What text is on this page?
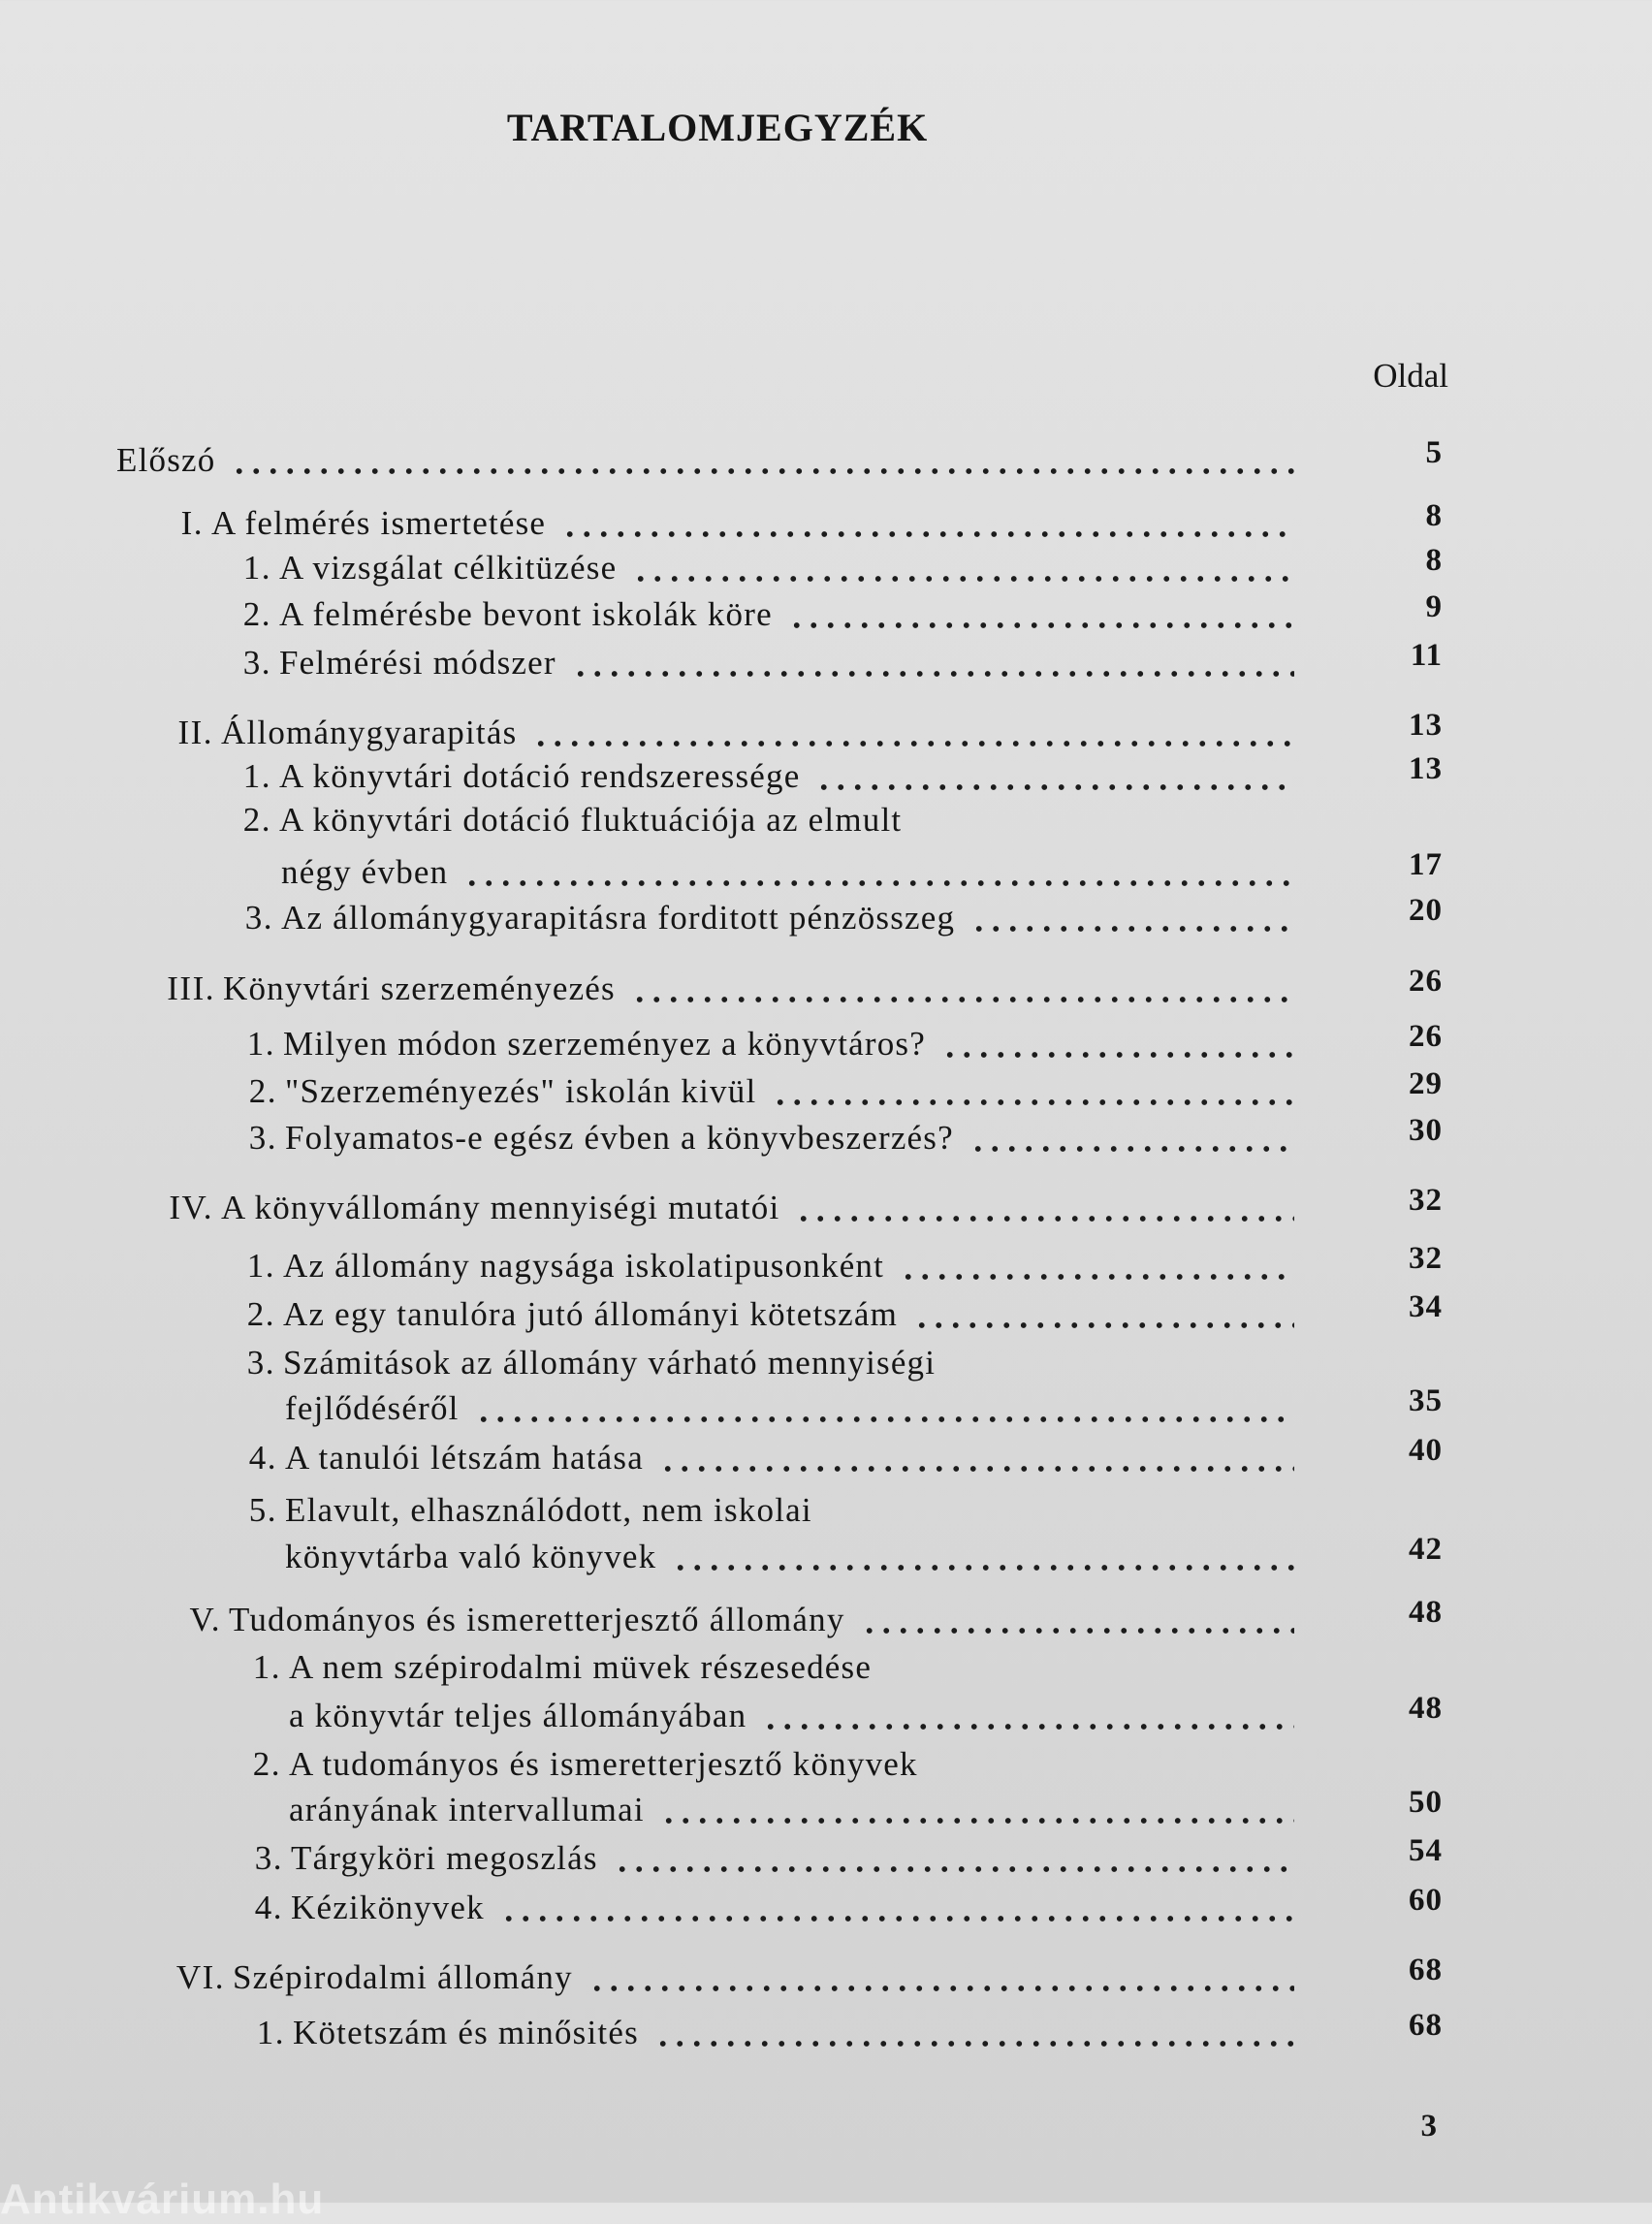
TARTALOMJEGYZÉK
Oldal
Előszó	5
I. A felmérés ismertetése	8
1. A vizsgálat célkitüzése	8
2. A felmérésbe bevont iskolák köre	9
3. Felmérési módszer	11
II. Állománygyarapitás	13
1. A könyvtári dotáció rendszeressége	13
2. A könyvtári dotáció fluktuációja az elmult
négy évben	17
3. Az állománygyarapitásra forditott pénzösszeg	20
III. Könyvtári szerzeményezés	26
1. Milyen módon szerzeményez a könyvtáros?	26
2. "Szerzeményezés" iskolán kivül	29
3. Folyamatos-e egész évben a könyvbeszerzés?	30
IV. A könyvállomány mennyiségi mutatói	32
1. Az állomány nagysága iskolatipusonként	32
2. Az egy tanulóra jutó állományi kötetszám	34
3. Számitások az állomány várható mennyiségi
fejlődéséről	35
4. A tanulói létszám hatása	40
5. Elavult, elhasználódott, nem iskolai
könyvtárba való könyvek	42
V. Tudományos és ismeretterjesztő állomány	48
1. A nem szépirodalmi müvek részesedése
a könyvtár teljes állományában	48
2. A tudományos és ismeretterjesztő könyvek
arányának intervallumai	50
3. Tárgyköri megoszlás	54
4. Kézikönyvek	60
VI. Szépirodalmi állomány	68
1. Kötetszám és minősités	68
3
Antikvárium.hu
